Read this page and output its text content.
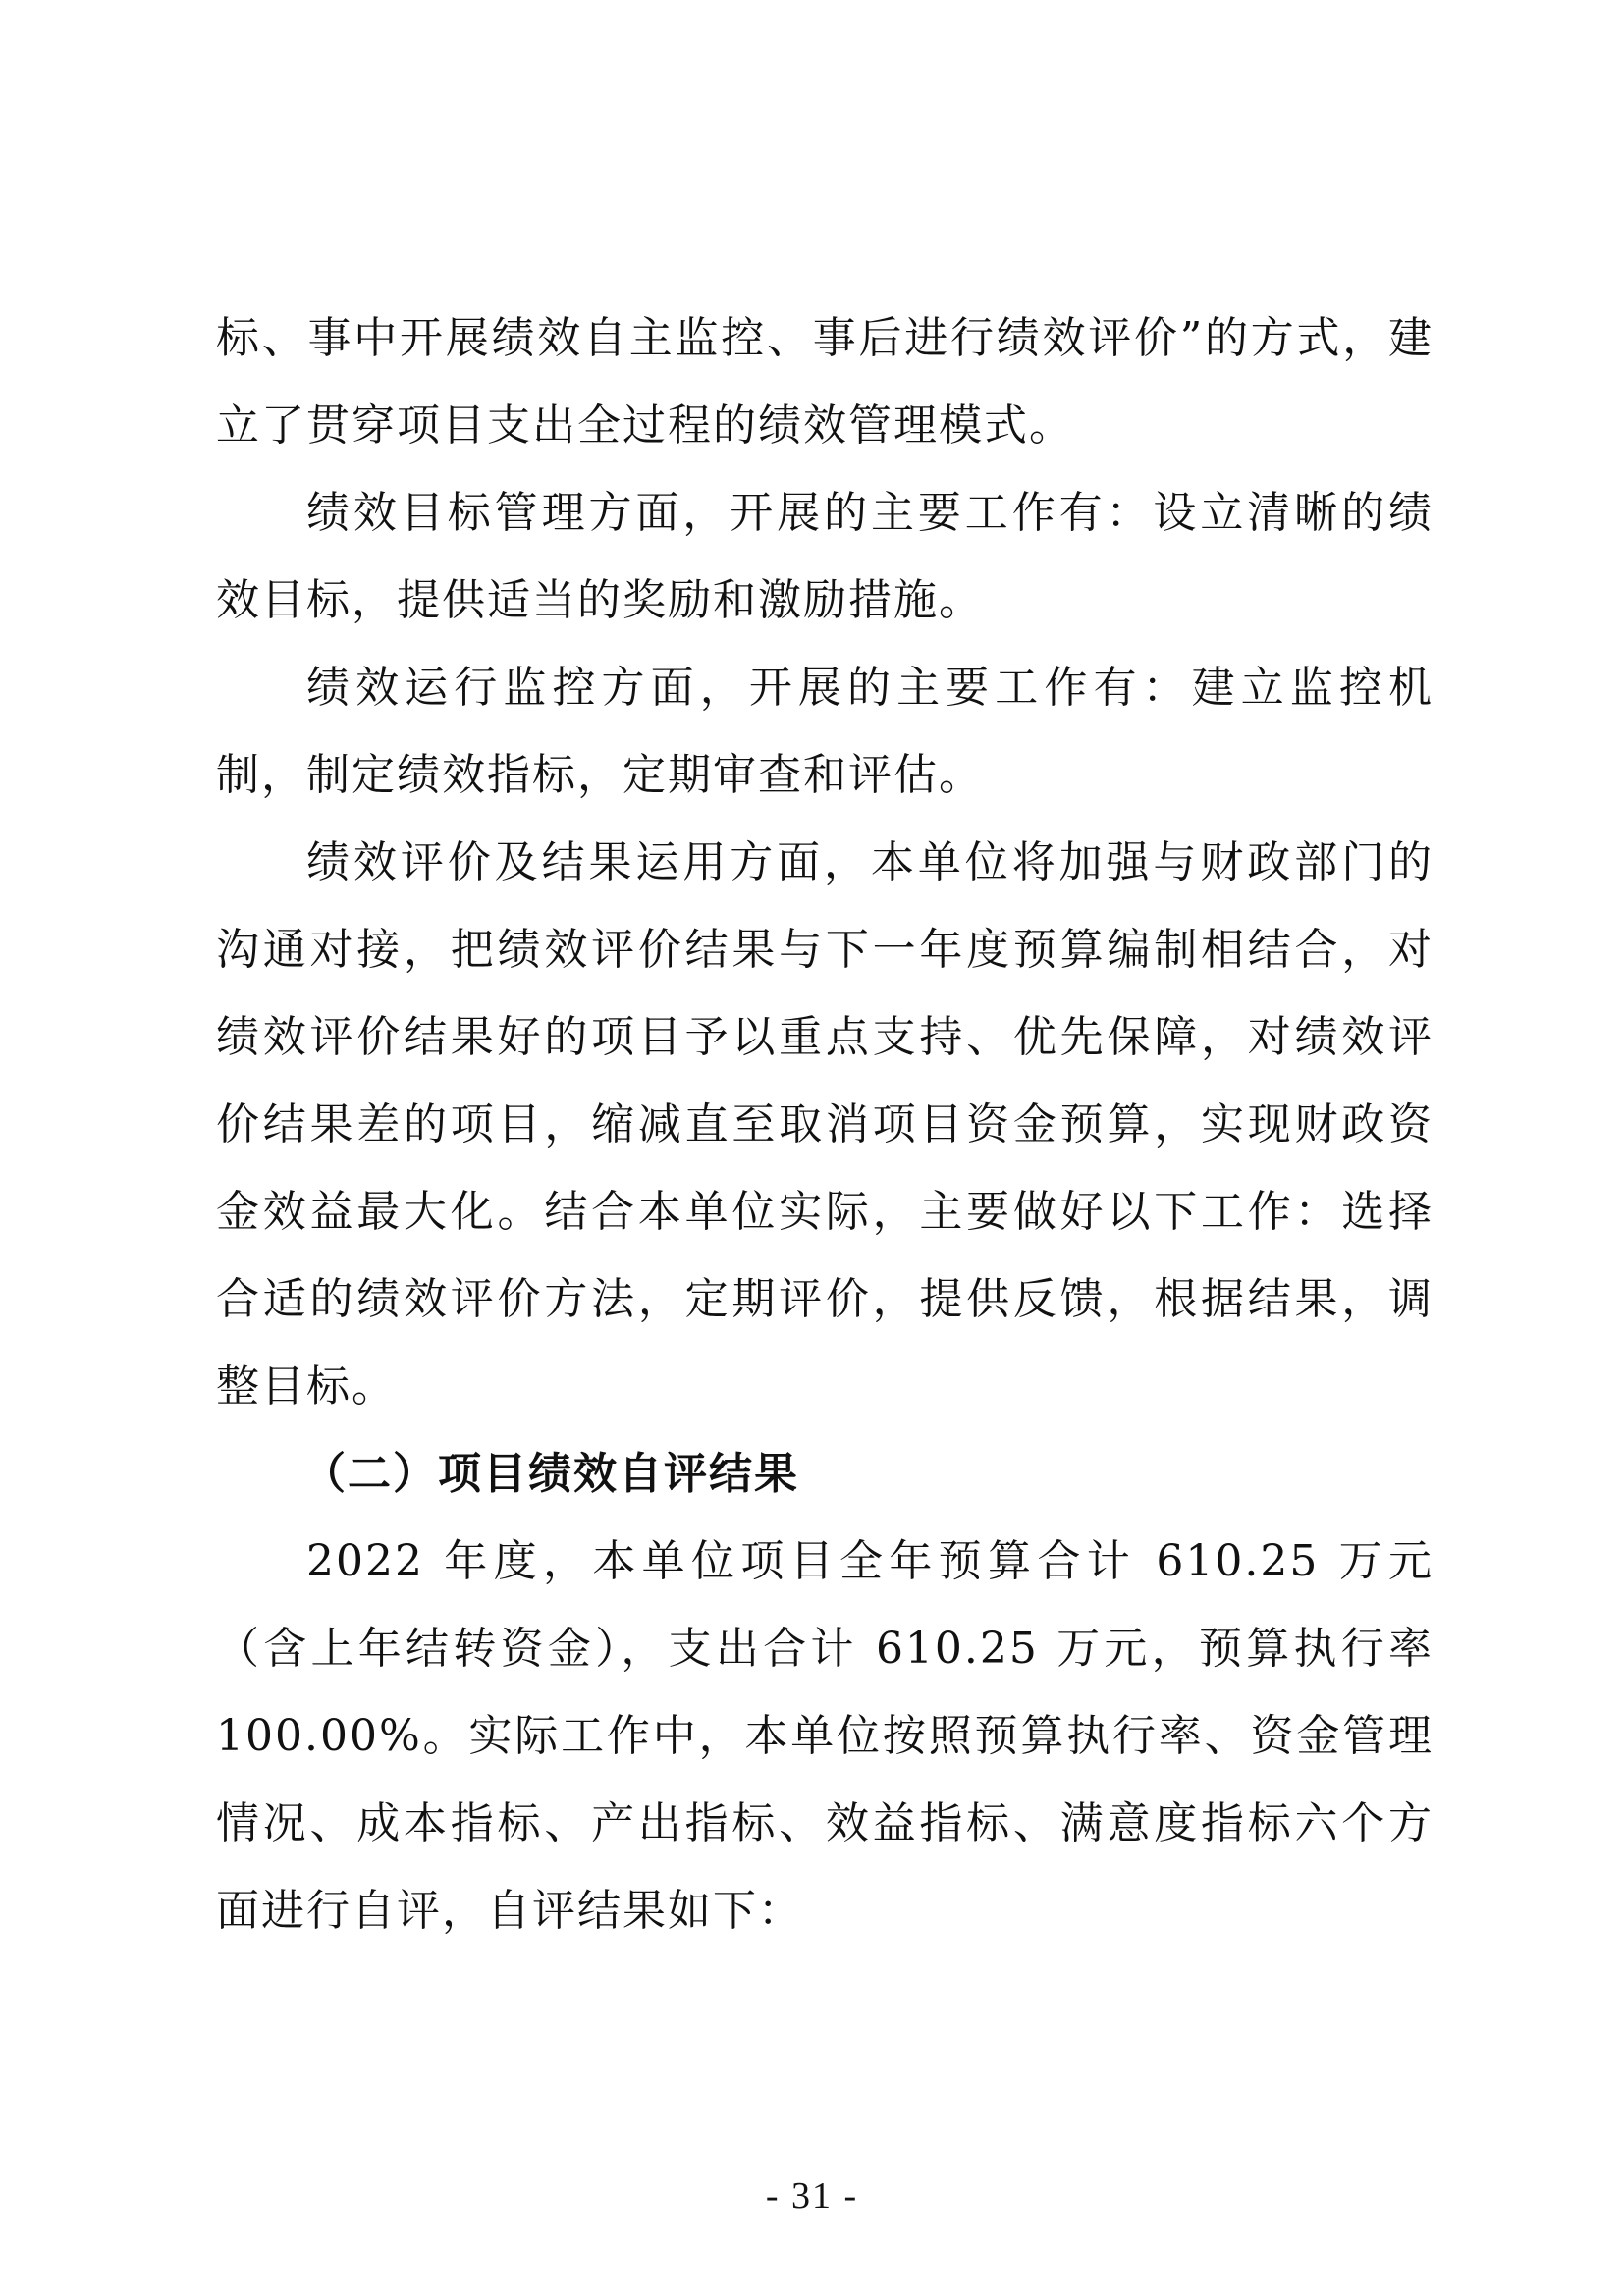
标、事中开展绩效自主监控、事后进行绩效评价”的方式，建立了贯穿项目支出全过程的绩效管理模式。

绩效目标管理方面，开展的主要工作有：设立清晰的绩效目标，提供适当的奖励和激励措施。

绩效运行监控方面，开展的主要工作有：建立监控机制，制定绩效指标，定期审查和评估。

绩效评价及结果运用方面，本单位将加强与财政部门的沟通对接，把绩效评价结果与下一年度预算编制相结合，对绩效评价结果好的项目予以重点支持、优先保障，对绩效评价结果差的项目，缩减直至取消项目资金预算，实现财政资金效益最大化。结合本单位实际，主要做好以下工作：选择合适的绩效评价方法，定期评价，提供反馈，根据结果，调整目标。

（二）项目绩效自评结果

2022 年度，本单位项目全年预算合计 610.25 万元（含上年结转资金），支出合计 610.25 万元，预算执行率 100.00%。实际工作中，本单位按照预算执行率、资金管理情况、成本指标、产出指标、效益指标、满意度指标六个方面进行自评，自评结果如下：

- 31 -
